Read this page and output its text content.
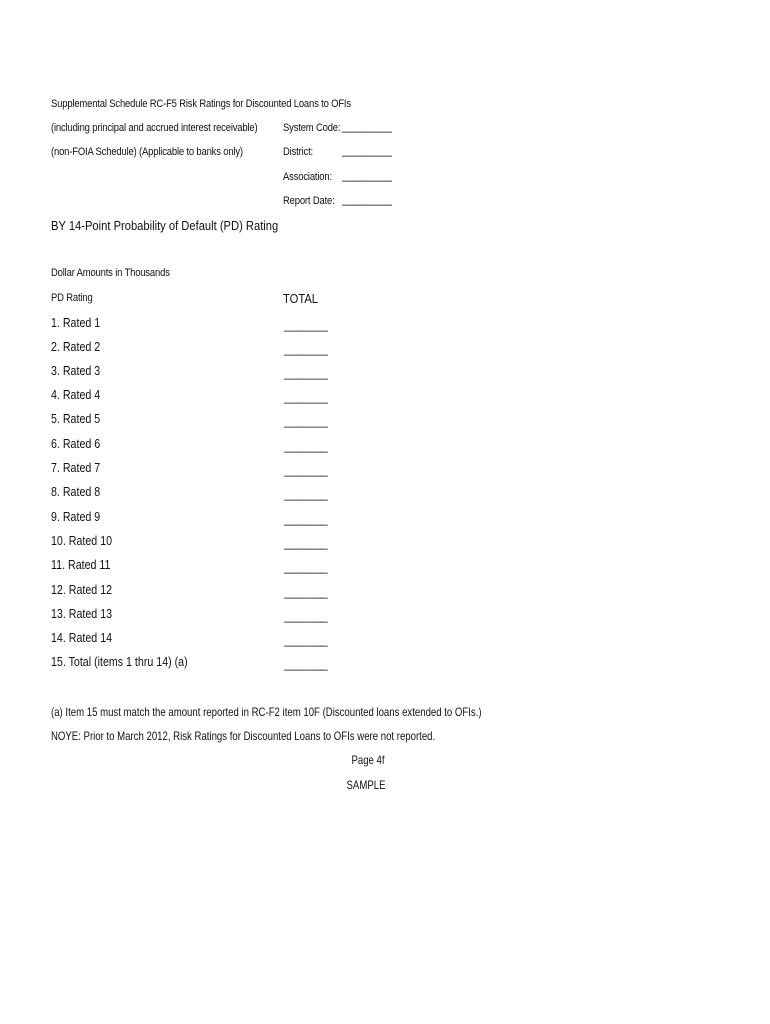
Supplemental Schedule RC-F5 Risk Ratings for Discounted Loans to OFIs
(including principal and accrued interest receivable)
(non-FOIA Schedule) (Applicable to banks only)
System Code: ________
District: ________
Association: ________
Report Date: ________
BY 14-Point Probability of Default (PD) Rating
Dollar Amounts in Thousands
PD Rating	TOTAL
1. Rated 1	_______
2. Rated 2	_______
3. Rated 3	_______
4. Rated 4	_______
5. Rated 5	_______
6. Rated 6	_______
7. Rated 7	_______
8. Rated 8	_______
9. Rated 9	_______
10. Rated 10	_______
11. Rated 11	_______
12. Rated 12	_______
13. Rated 13	_______
14. Rated 14	_______
15. Total (items 1 thru 14) (a)	_______
(a) Item 15 must match the amount reported in RC-F2 item 10F (Discounted loans extended to OFIs.)
NOYE: Prior to March 2012, Risk Ratings for Discounted Loans to OFIs were not reported.
Page 4f
SAMPLE
